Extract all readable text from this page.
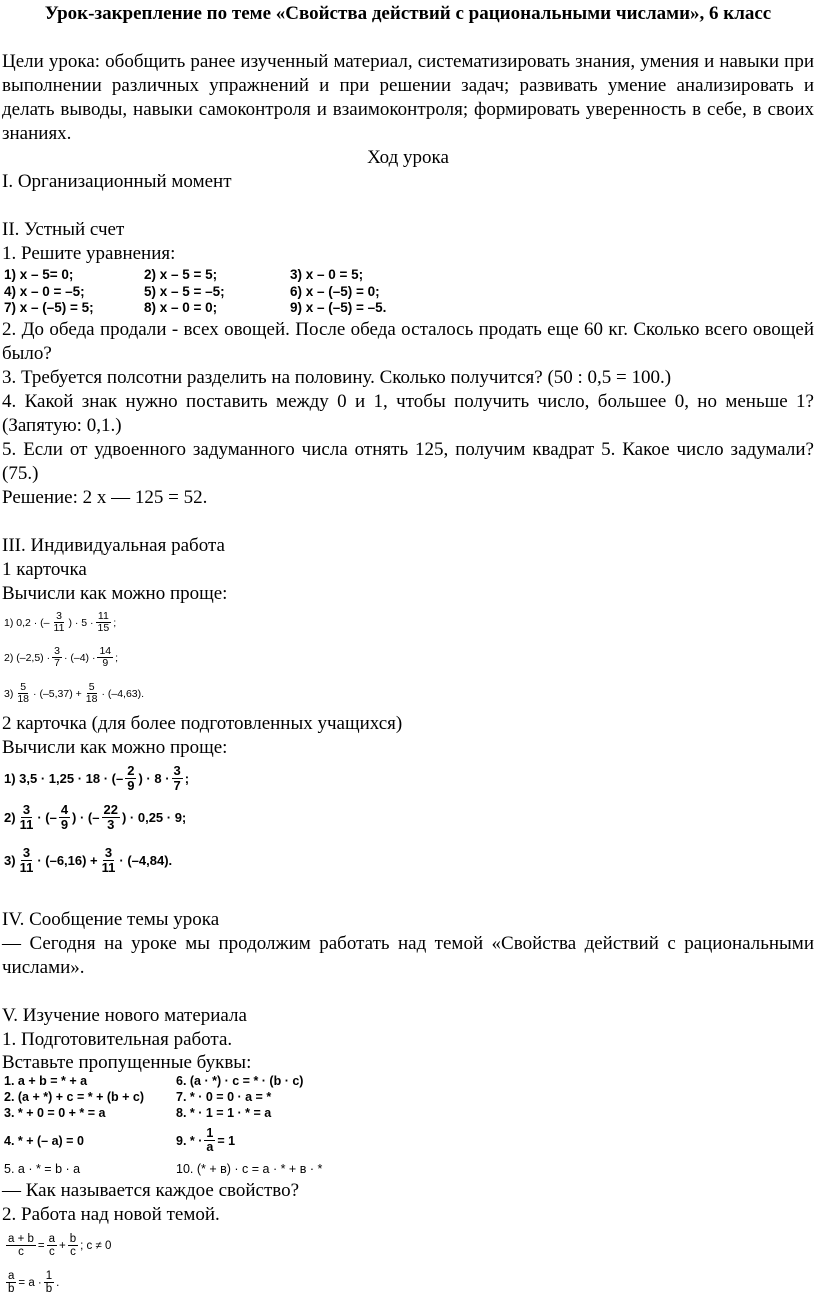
Урок-закрепление по теме «Свойства действий с рациональными числами», 6 класс
Цели урока: обобщить ранее изученный материал, систематизировать знания, умения и навыки при выполнении различных упражнений и при решении задач; развивать умение анализировать и делать выводы, навыки самоконтроля и взаимоконтроля; формировать уверенность в себе, в своих знаниях.
Ход урока
I. Организационный момент
II. Устный счет
1. Решите уравнения:
1) x – 5= 0;	2) x – 5 = 5;	3) x – 0 = 5;
4) x – 0 = –5;	5) x – 5 = –5;	6) x – (–5) = 0;
7) x – (–5) = 5;	8) x – 0 = 0;	9) x – (–5) = –5.
2. До обеда продали - всех овощей. После обеда осталось продать еще 60 кг. Сколько всего овощей было?
3. Требуется полсотни разделить на половину. Сколько получится? (50 : 0,5 = 100.)
4. Какой знак нужно поставить между 0 и 1, чтобы получить число, большее 0, но меньше 1? (Запятую: 0,1.)
5. Если от удвоенного задуманного числа отнять 125, получим квадрат 5. Какое число задумали? (75.)
Решение: 2 х — 125 = 52.
III. Индивидуальная работа
1 карточка
Вычисли как можно проще:
1) 0,2 · (– $\frac{3}{11}$ ) · $5 \cdot \frac{11}{15}$ ;
2) $(-2,5) \cdot \frac{3}{7} \cdot (-4) \cdot \frac{14}{9}$ ;
$3) \frac{5}{18} \cdot (-5,37) + \frac{5}{18} \cdot (-4,63)$.
2 карточка (для более подготовленных учащихся)
Вычисли как можно проще:
1) 3,5 · 1,25 · 18 · (– $\frac{2}{9}$ ) · $8 \cdot \frac{3}{7}$ ;
$2) \frac{3}{11}$ · (– $\frac{4}{9}$ ) · (– $\frac{22}{3}$ ) · 0,25 · 9;
$3) \frac{3}{11} \cdot (-6,16) + \frac{3}{11} \cdot (-4,84)$.
IV. Сообщение темы урока
— Сегодня на уроке мы продолжим работать над темой «Свойства действий с рациональными числами».
V. Изучение нового материала
1. Подготовительная работа.
Вставьте пропущенные буквы:
1. a + b = * + a	6. (a · *) · c = * · (b · c)
2. (a + *) + c = * + (b + c)	7. * · 0 = 0 · a = *
3. * + 0 = 0 + * = a	8. * · 1 = 1 · * = a
4. * + (– a) = 0	9. * · $\frac{1}{a} = 1$
5. a · * = b · a	10. (* + в) · с = а · * + в · *
— Как называется каждое свойство?
2. Работа над новой темой.
$\frac{a + b}{c} = \frac{a}{c} + \frac{b}{c}$ ; c ≠ 0
$\frac{a}{b} = a \cdot \frac{1}{b}$ .
